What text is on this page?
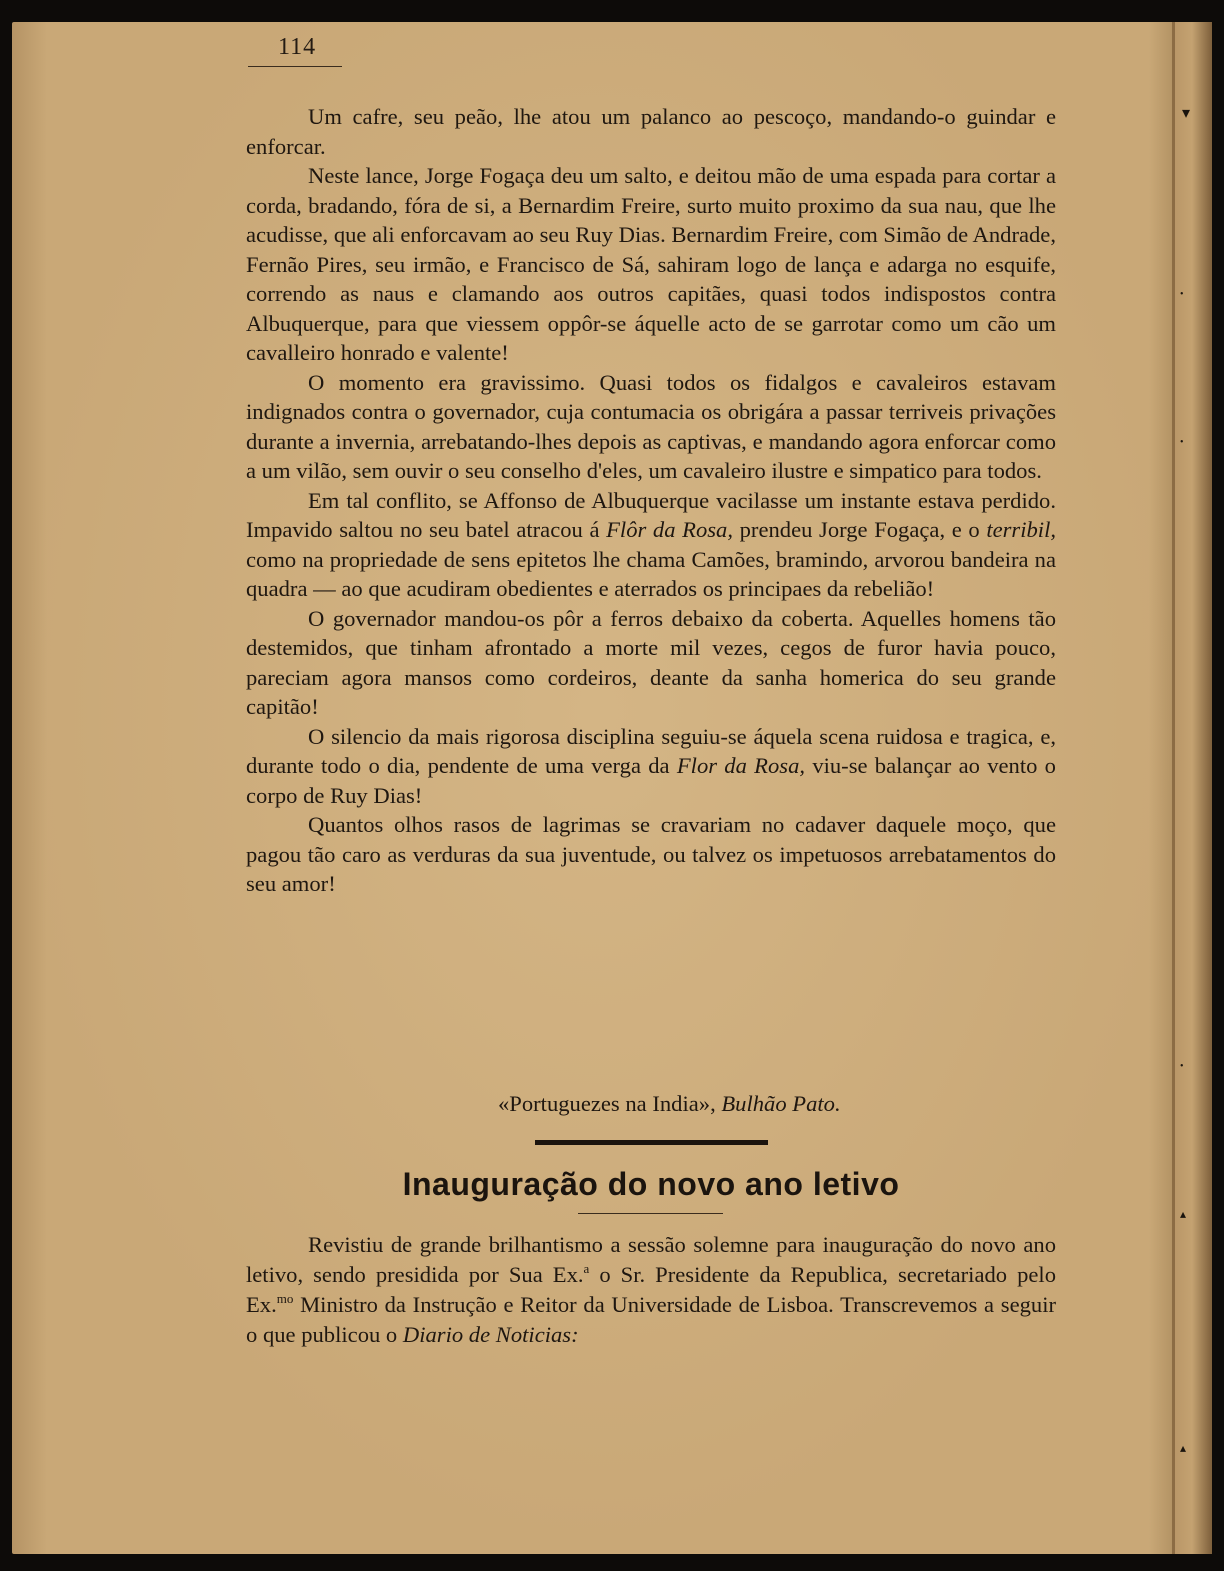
▾
•
•
•
▴
▴
114

Um cafre, seu peão, lhe atou um palanco ao pescoço, mandando-o guindar e enforcar.

Neste lance, Jorge Fogaça deu um salto, e deitou mão de uma espada para cortar a corda, bradando, fóra de si, a Bernardim Freire, surto muito proximo da sua nau, que lhe acudisse, que ali enforcavam ao seu Ruy Dias. Bernardim Freire, com Simão de Andrade, Fernão Pires, seu irmão, e Francisco de Sá, sahiram logo de lança e adarga no esquife, correndo as naus e clamando aos outros capitães, quasi todos indispostos contra Albuquerque, para que viessem oppôr-se áquelle acto de se garrotar como um cão um cavalleiro honrado e valente!

O momento era gravissimo. Quasi todos os fidalgos e cavaleiros estavam indignados contra o governador, cuja contumacia os obrigára a passar terriveis privações durante a invernia, arrebatando-lhes depois as captivas, e mandando agora enforcar como a um vilão, sem ouvir o seu conselho d'eles, um cavaleiro ilustre e simpatico para todos.

Em tal conflito, se Affonso de Albuquerque vacilasse um instante estava perdido. Impavido saltou no seu batel atracou á Flôr da Rosa, prendeu Jorge Fogaça, e o terribil, como na propriedade de sens epitetos lhe chama Camões, bramindo, arvorou bandeira na quadra — ao que acudiram obedientes e aterrados os principaes da rebelião!

O governador mandou-os pôr a ferros debaixo da coberta. Aquelles homens tão destemidos, que tinham afrontado a morte mil vezes, cegos de furor havia pouco, pareciam agora mansos como cordeiros, deante da sanha homerica do seu grande capitão!

O silencio da mais rigorosa disciplina seguiu-se áquela scena ruidosa e tragica, e, durante todo o dia, pendente de uma verga da Flor da Rosa, viu-se balançar ao vento o corpo de Ruy Dias!

Quantos olhos rasos de lagrimas se cravariam no cadaver daquele moço, que pagou tão caro as verduras da sua juventude, ou talvez os impetuosos arrebatamentos do seu amor!

«Portuguezes na India», Bulhão Pato.
Inauguração do novo ano letivo

Revistiu de grande brilhantismo a sessão solemne para inauguração do novo ano letivo, sendo presidida por Sua Ex.$^a$ o Sr. Presidente da Republica, secretariado pelo Ex.$^{mo}$ Ministro da Instrução e Reitor da Universidade de Lisboa. Transcrevemos a seguir o que publicou o Diario de Noticias:
